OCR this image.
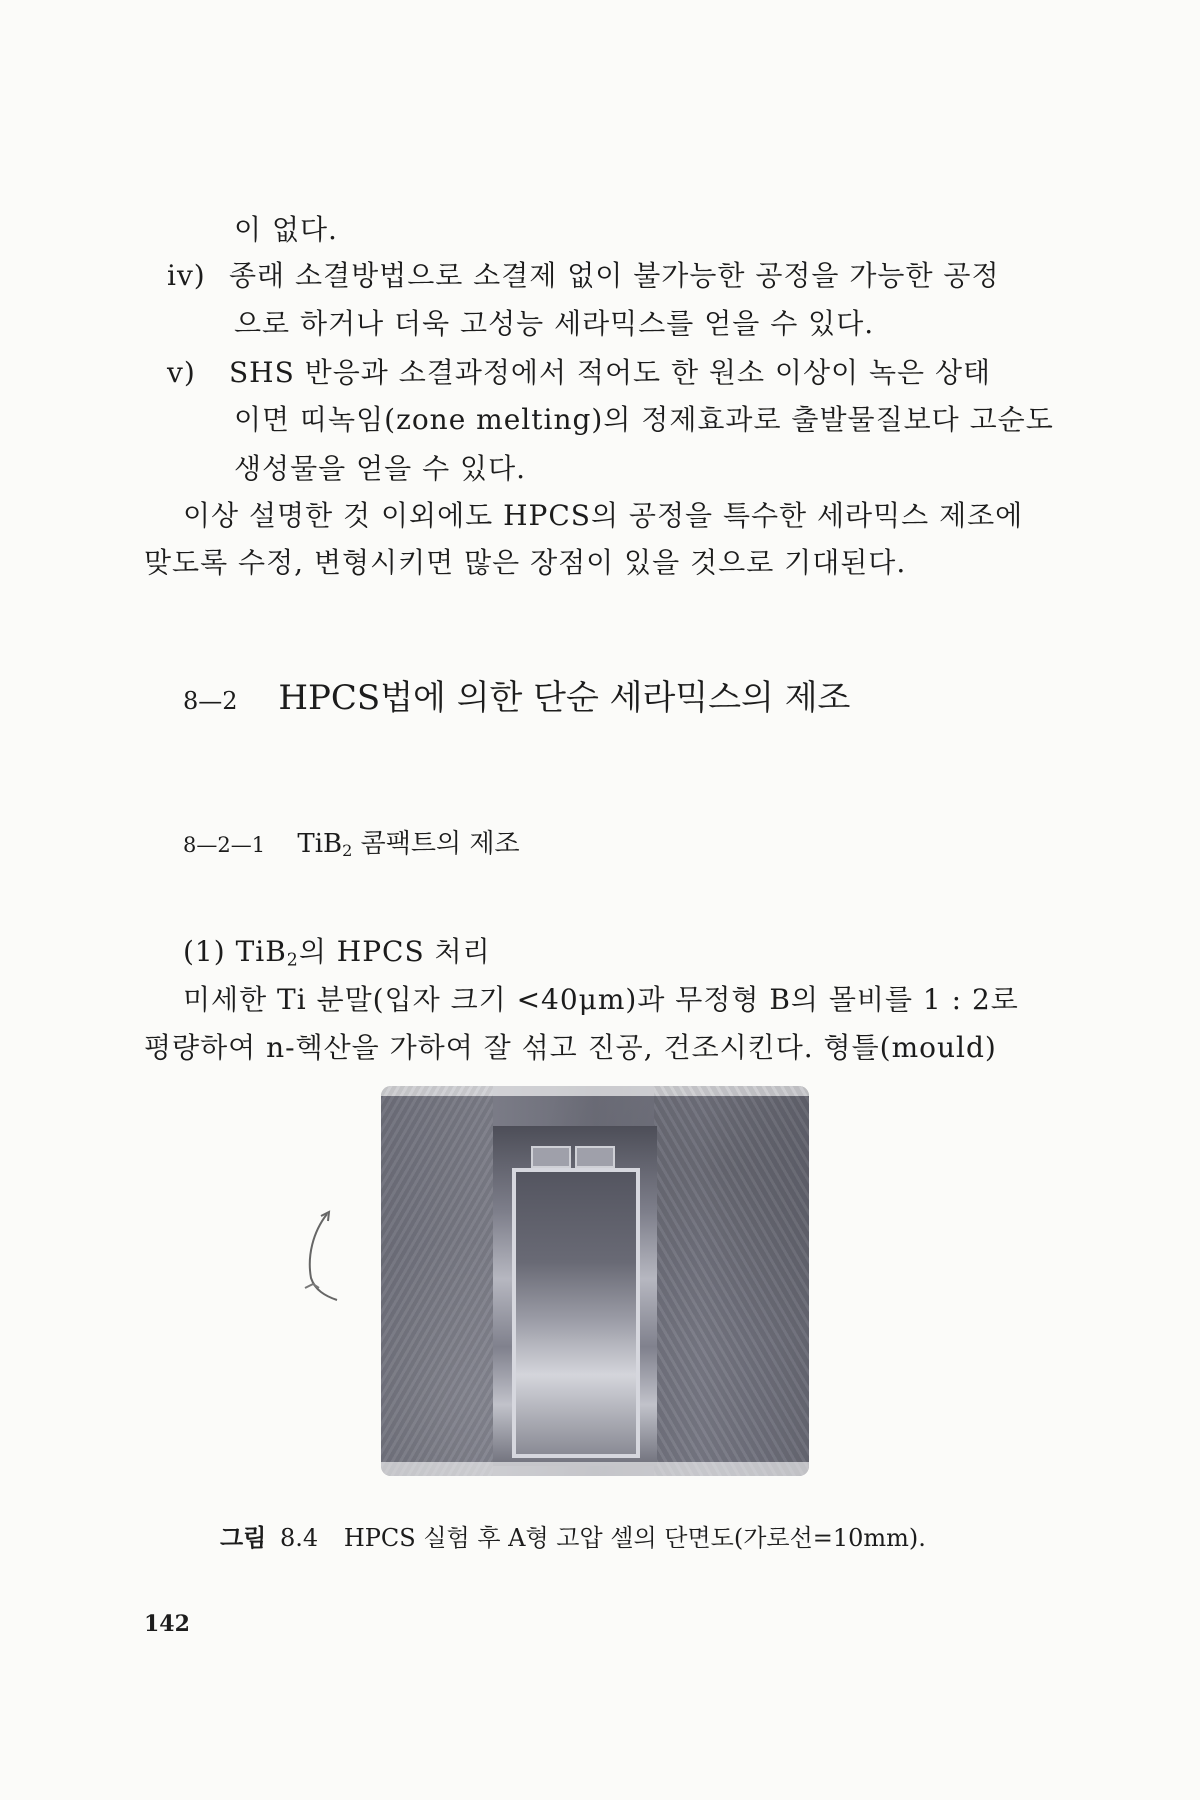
이 없다.
iv) 종래 소결방법으로 소결제 없이 불가능한 공정을 가능한 공정
으로 하거나 더욱 고성능 세라믹스를 얻을 수 있다.
v)	SHS 반응과 소결과정에서 적어도 한 원소 이상이 녹은 상태
이면 띠녹임(zone melting)의 정제효과로 출발물질보다 고순도
생성물을 얻을 수 있다.
이상 설명한 것 이외에도 HPCS의 공정을 특수한 세라믹스 제조에
맞도록 수정, 변형시키면 많은 장점이 있을 것으로 기대된다.
8—2 HPCS법에 의한 단순 세라믹스의 제조
8—2—1 TiB$_2$ 콤팩트의 제조
(1) TiB$_2$의 HPCS 처리
미세한 Ti 분말(입자 크기 <40μm)과 무정형 B의 몰비를 1 : 2로
평량하여 n-헥산을 가하여 잘 섞고 진공, 건조시킨다. 형틀(mould)
그림 8.4 HPCS 실험 후 A형 고압 셀의 단면도(가로선=10mm).
142
